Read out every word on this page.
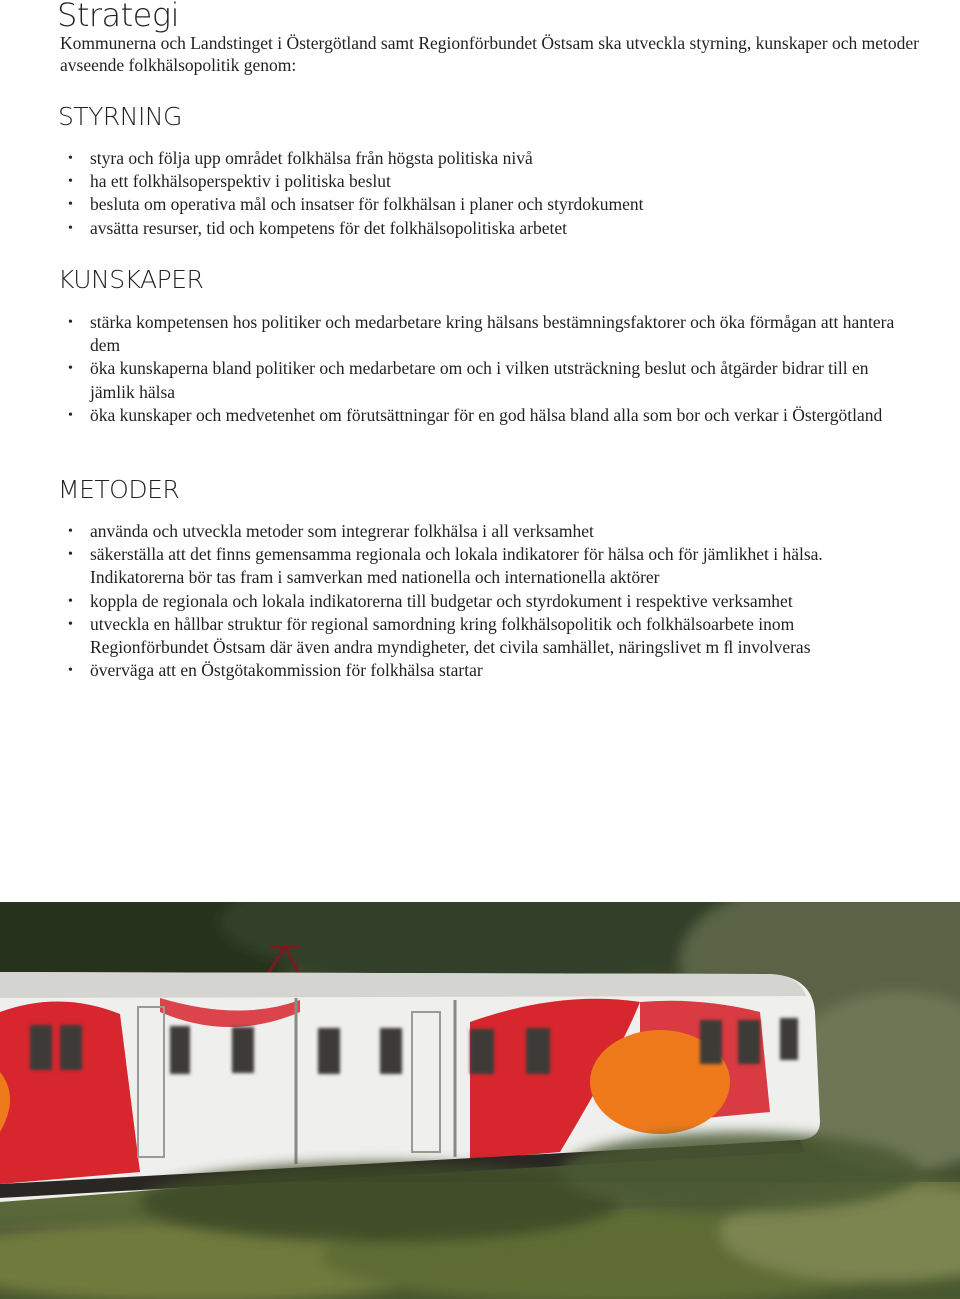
Strategi

Kommunerna och Landstinget i Östergötland samt Regionförbundet Östsam ska utveckla styrning, kunskaper och metoder avseende folkhälsopolitik genom:

STYRNING
• styra och följa upp området folkhälsa från högsta politiska nivå
• ha ett folkhälsoperspektiv i politiska beslut
• besluta om operativa mål och insatser för folkhälsan i planer och styrdokument
• avsätta resurser, tid och kompetens för det folkhälsopolitiska arbetet
KUNSKAPER
• stärka kompetensen hos politiker och medarbetare kring hälsans bestämningsfaktorer och öka förmågan att hantera dem
• öka kunskaperna bland politiker och medarbetare om och i vilken utsträckning beslut och åtgärder bidrar till en jämlik hälsa
• öka kunskaper och medvetenhet om förutsättningar för en god hälsa bland alla som bor och verkar i Östergötland
METODER
• använda och utveckla metoder som integrerar folkhälsa i all verksamhet
• säkerställa att det finns gemensamma regionala och lokala indikatorer för hälsa och för jämlikhet i hälsa. Indikatorerna bör tas fram i samverkan med nationella och internationella aktörer
• koppla de regionala och lokala indikatorerna till budgetar och styrdokument i respektive verksamhet
• utveckla en hållbar struktur för regional samordning kring folkhälsopolitik och folkhälsoarbete inom Regionförbundet Östsam där även andra myndigheter, det civila samhället, näringslivet m ﬂ involveras
• överväga att en Östgötakommission för folkhälsa startar
